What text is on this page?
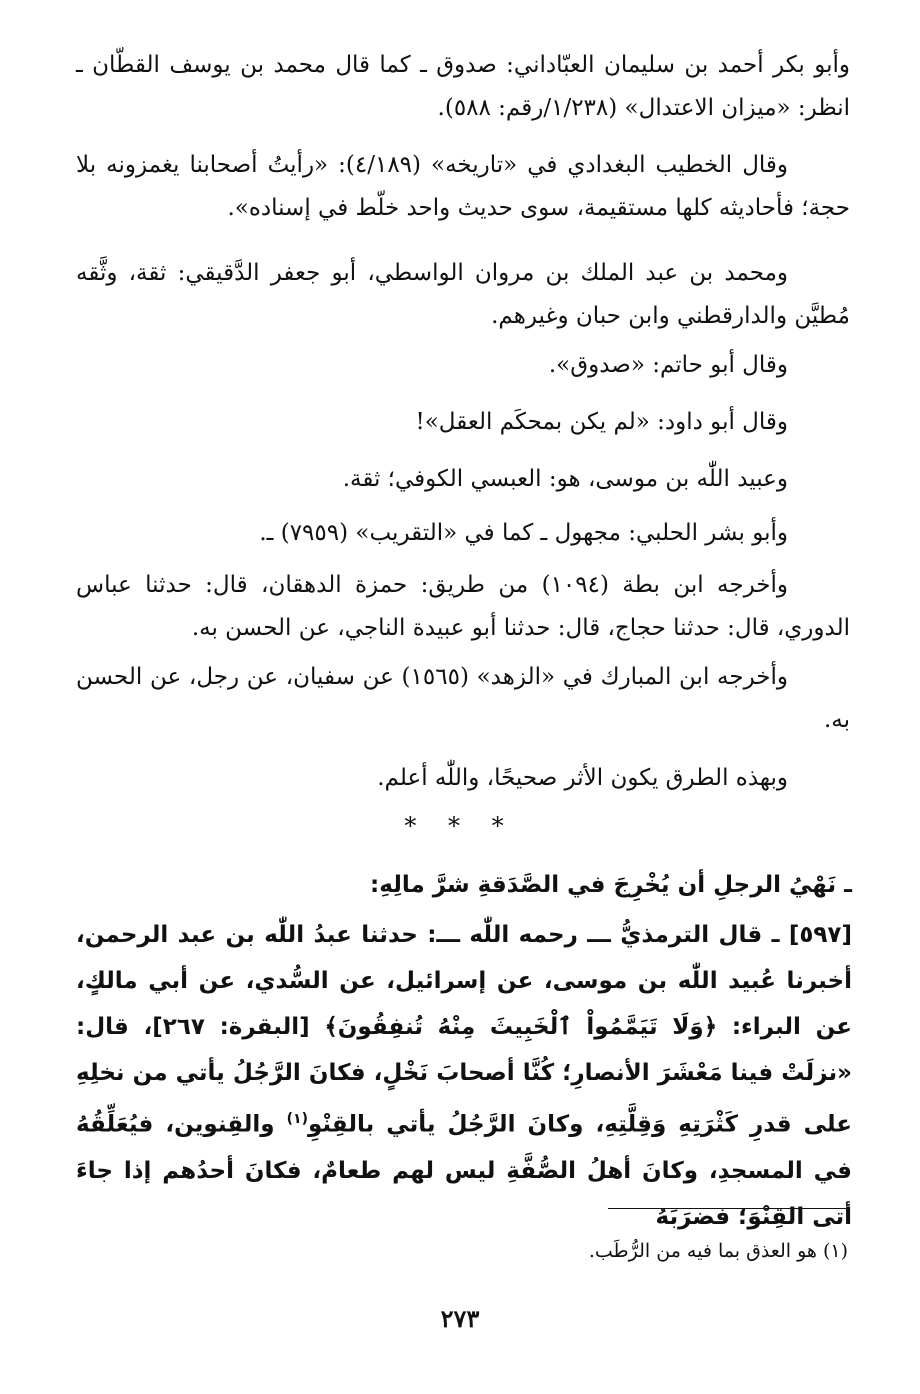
وأبو بكر أحمد بن سليمان العبّاداني: صدوق ـ كما قال محمد بن يوسف القطّان ـ انظر: «ميزان الاعتدال» (١/٢٣٨/رقم: ٥٨٨).

وقال الخطيب البغدادي في «تاريخه» (٤/١٨٩): «رأيتُ أصحابنا يغمزونه بلا حجة؛ فأحاديثه كلها مستقيمة، سوى حديث واحد خلّط في إسناده».

ومحمد بن عبد الملك بن مروان الواسطي، أبو جعفر الدَّقيقي: ثقة، وثَّقه مُطيَّن والدارقطني وابن حبان وغيرهم.

وقال أبو حاتم: «صدوق».

وقال أبو داود: «لم يكن بمحكَم العقل»!

وعبيد اللّٰه بن موسى، هو: العبسي الكوفي؛ ثقة.

وأبو بشر الحلبي: مجهول ـ كما في «التقريب» (٧٩٥٩) ـ.

وأخرجه ابن بطة (١٠٩٤) من طريق: حمزة الدهقان، قال: حدثنا عباس الدوري، قال: حدثنا حجاج، قال: حدثنا أبو عبيدة الناجي، عن الحسن به.

وأخرجه ابن المبارك في «الزهد» (١٥٦٥) عن سفيان، عن رجل، عن الحسن به.

وبهذه الطرق يكون الأثر صحيحًا، واللّٰه أعلم.

* * *

ـ نَهْيُ الرجلِ أن يُخْرِجَ في الصَّدَقةِ شرَّ مالِهِ:

[٥٩٧] ـ قال الترمذيُّ ـــ رحمه اللّٰه ـــ: حدثنا عبدُ اللّٰه بن عبد الرحمن، أخبرنا عُبيد اللّٰه بن موسى، عن إسرائيل، عن السُّدي، عن أبي مالكٍ، عن البراء: ﴿وَلَا تَيَمَّمُواْ ٱلْخَبِيثَ مِنْهُ تُنفِقُونَ﴾ [البقرة: ٢٦٧]، قال: «نزلَتْ فينا مَعْشَرَ الأنصارِ؛ كُنَّا أصحابَ نَخْلٍ، فكانَ الرَّجُلُ يأتي من نخلِهِ على قدرِ كَثْرَتِهِ وَقِلَّتِهِ، وكانَ الرَّجُلُ يأتي بالقِنْوِ$^{(١)}$ والقِنوين، فيُعَلِّقُهُ في المسجدِ، وكانَ أهلُ الصُّفَّةِ ليس لهم طعامٌ، فكانَ أحدُهم إذا جاءَ أتى القِنْوَ؛ فضرَبَهُ

(١) هو العذق بما فيه من الرُّطَب.
٢٧٣
